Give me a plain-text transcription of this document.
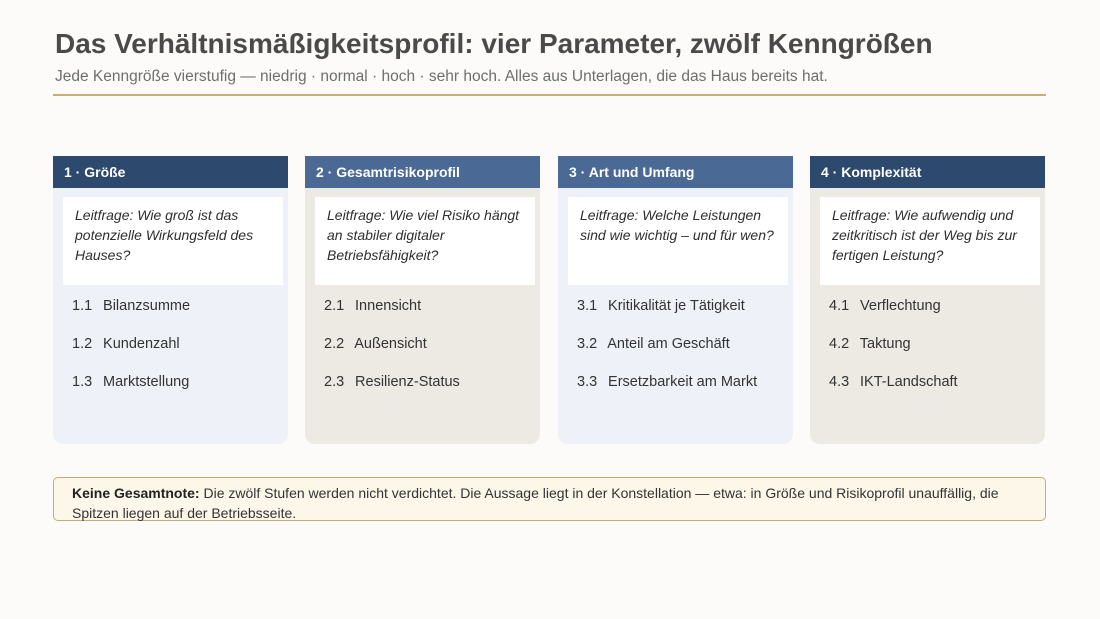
Das Verhältnismäßigkeitsprofil: vier Parameter, zwölf Kenngrößen
Jede Kenngröße vierstufig — niedrig · normal · hoch · sehr hoch. Alles aus Unterlagen, die das Haus bereits hat.
1 · Größe
Leitfrage: Wie groß ist das potenzielle Wirkungsfeld des Hauses?
1.1 Bilanzsumme
1.2 Kundenzahl
1.3 Marktstellung
2 · Gesamtrisikoprofil
Leitfrage: Wie viel Risiko hängt an stabiler digitaler Betriebsfähigkeit?
2.1 Innensicht
2.2 Außensicht
2.3 Resilienz-Status
3 · Art und Umfang
Leitfrage: Welche Leistungen sind wie wichtig – und für wen?
3.1 Kritikalität je Tätigkeit
3.2 Anteil am Geschäft
3.3 Ersetzbarkeit am Markt
4 · Komplexität
Leitfrage: Wie aufwendig und zeitkritisch ist der Weg bis zur fertigen Leistung?
4.1 Verflechtung
4.2 Taktung
4.3 IKT-Landschaft
Keine Gesamtnote: Die zwölf Stufen werden nicht verdichtet. Die Aussage liegt in der Konstellation — etwa: in Größe und Risikoprofil unauffällig, die Spitzen liegen auf der Betriebsseite.
